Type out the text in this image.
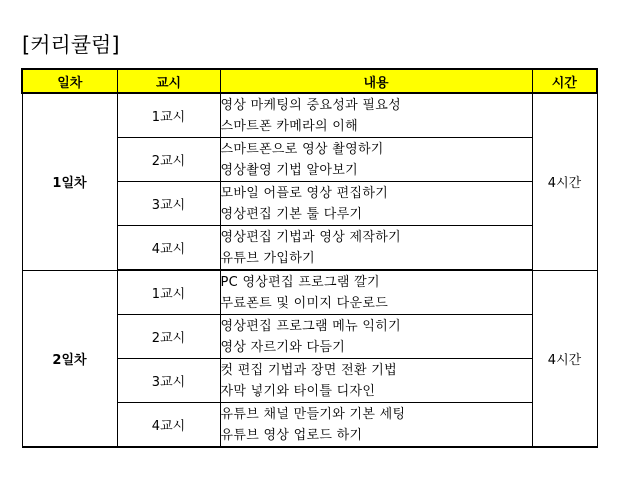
[커리큘럼]
일차	교시	내용	시간
1일차	1교시	영상 마케팅의 중요성과 필요성
스마트폰 카메라의 이해	4시간
	2교시	스마트폰으로 영상 촬영하기
영상촬영 기법 알아보기	

	3교시	모바일 어플로 영상 편집하기
영상편집 기본 툴 다루기	

	4교시	영상편집 기법과 영상 제작하기
유튜브 가입하기	

2일차	1교시	PC 영상편집 프로그램 깔기
무료폰트 및 이미지 다운로드	4시간
	2교시	영상편집 프로그램 메뉴 익히기
영상 자르기와 다듬기	

	3교시	컷 편집 기법과 장면 전환 기법
자막 넣기와 타이틀 디자인	

	4교시	유튜브 채널 만들기와 기본 세팅
유튜브 영상 업로드 하기	
